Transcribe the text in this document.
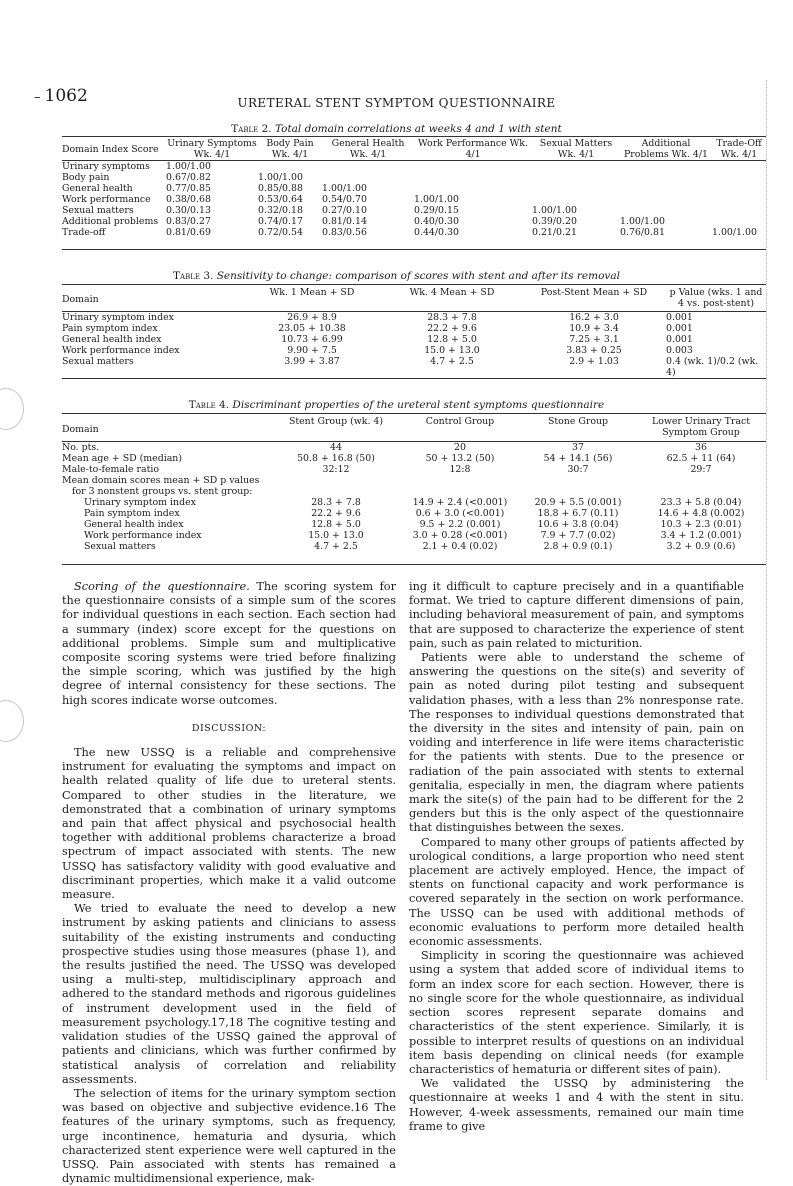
– 1062	URETERAL STENT SYMPTOM QUESTIONNAIRE
Table 2. Total domain correlations at weeks 4 and 1 with stent
Domain Index Score	Urinary Symptoms Wk. 4/1	Body Pain Wk. 4/1	General Health Wk. 4/1	Work Performance Wk. 4/1	Sexual Matters Wk. 4/1	Additional Problems Wk. 4/1	Trade-Off Wk. 4/1
Urinary symptoms	1.00/1.00						
Body pain	0.67/0.82	1.00/1.00					
General health	0.77/0.85	0.85/0.88	1.00/1.00				
Work performance	0.38/0.68	0.53/0.64	0.54/0.70	1.00/1.00			
Sexual matters	0.30/0.13	0.32/0.18	0.27/0.10	0.29/0.15	1.00/1.00		
Additional problems	0.83/0.27	0.74/0.17	0.81/0.14	0.40/0.30	0.39/0.20	1.00/1.00	
Trade-off	0.81/0.69	0.72/0.54	0.83/0.56	0.44/0.30	0.21/0.21	0.76/0.81	1.00/1.00
Table 3. Sensitivity to change: comparison of scores with stent and after its removal
Domain	Wk. 1 Mean + SD	Wk. 4 Mean + SD	Post-Stent Mean + SD	p Value (wks. 1 and 4 vs. post-stent)
Urinary symptom index	26.9 + 8.9	28.3 + 7.8	16.2 + 3.0	0.001
Pain symptom index	23.05 + 10.38	22.2 + 9.6	10.9 + 3.4	0.001
General health index	10.73 + 6.99	12.8 + 5.0	7.25 + 3.1	0.001
Work performance index	9.90 + 7.5	15.0 + 13.0	3.83 + 0.25	0.003
Sexual matters	3.99 + 3.87	4.7 + 2.5	2.9 + 1.03	0.4 (wk. 1)/0.2 (wk. 4)
Table 4. Discriminant properties of the ureteral stent symptoms questionnaire
Domain	Stent Group (wk. 4)	Control Group	Stone Group	Lower Urinary Tract Symptom Group
No. pts.	44	20	37	36
Mean age + SD (median)	50.8 + 16.8 (50)	50 + 13.2 (50)	54 + 14.1 (56)	62.5 + 11 (64)
Male-to-female ratio	32:12	12:8	30:7	29:7
Mean domain scores mean + SD p values				
for 3 nonstent groups vs. stent group:				
Urinary symptom index	28.3 + 7.8	14.9 + 2.4 (<0.001)	20.9 + 5.5 (0.001)	23.3 + 5.8 (0.04)
Pain symptom index	22.2 + 9.6	0.6 + 3.0 (<0.001)	18.8 + 6.7 (0.11)	14.6 + 4.8 (0.002)
General health index	12.8 + 5.0	9.5 + 2.2 (0.001)	10.6 + 3.8 (0.04)	10.3 + 2.3 (0.01)
Work performance index	15.0 + 13.0	3.0 + 0.28 (<0.001)	7.9 + 7.7 (0.02)	3.4 + 1.2 (0.001)
Sexual matters	4.7 + 2.5	2.1 + 0.4 (0.02)	2.8 + 0.9 (0.1)	3.2 + 0.9 (0.6)

Scoring of the questionnaire. The scoring system for the questionnaire consists of a simple sum of the scores for individual questions in each section. Each section had a summary (index) score except for the questions on additional problems. Simple sum and multiplicative composite scoring systems were tried before finalizing the simple scoring, which was justified by the high degree of internal consistency for these sections. The high scores indicate worse outcomes.

DISCUSSION:

The new USSQ is a reliable and comprehensive instrument for evaluating the symptoms and impact on health related quality of life due to ureteral stents. Compared to other studies in the literature, we demonstrated that a combination of urinary symptoms and pain that affect physical and psychosocial health together with additional problems characterize a broad spectrum of impact associated with stents. The new USSQ has satisfactory validity with good evaluative and discriminant properties, which make it a valid outcome measure.

We tried to evaluate the need to develop a new instrument by asking patients and clinicians to assess suitability of the existing instruments and conducting prospective studies using those measures (phase 1), and the results justified the need. The USSQ was developed using a multi-step, multidisciplinary approach and adhered to the standard methods and rigorous guidelines of instrument development used in the field of measurement psychology.17,18 The cognitive testing and validation studies of the USSQ gained the approval of patients and clinicians, which was further confirmed by statistical analysis of correlation and reliability assessments.

The selection of items for the urinary symptom section was based on objective and subjective evidence.16 The features of the urinary symptoms, such as frequency, urge incontinence, hematuria and dysuria, which characterized stent experience were well captured in the USSQ. Pain associated with stents has remained a dynamic multidimensional experience, mak-

ing it difficult to capture precisely and in a quantifiable format. We tried to capture different dimensions of pain, including behavioral measurement of pain, and symptoms that are supposed to characterize the experience of stent pain, such as pain related to micturition.

Patients were able to understand the scheme of answering the questions on the site(s) and severity of pain as noted during pilot testing and subsequent validation phases, with a less than 2% nonresponse rate. The responses to individual questions demonstrated that the diversity in the sites and intensity of pain, pain on voiding and interference in life were items characteristic for the patients with stents. Due to the presence or radiation of the pain associated with stents to external genitalia, especially in men, the diagram where patients mark the site(s) of the pain had to be different for the 2 genders but this is the only aspect of the questionnaire that distinguishes between the sexes.

Compared to many other groups of patients affected by urological conditions, a large proportion who need stent placement are actively employed. Hence, the impact of stents on functional capacity and work performance is covered separately in the section on work performance. The USSQ can be used with additional methods of economic evaluations to perform more detailed health economic assessments.

Simplicity in scoring the questionnaire was achieved using a system that added score of individual items to form an index score for each section. However, there is no single score for the whole questionnaire, as individual section scores represent separate domains and characteristics of the stent experience. Similarly, it is possible to interpret results of questions on an individual item basis depending on clinical needs (for example characteristics of hematuria or different sites of pain).

We validated the USSQ by administering the questionnaire at weeks 1 and 4 with the stent in situ. However, 4-week assessments, remained our main time frame to give
